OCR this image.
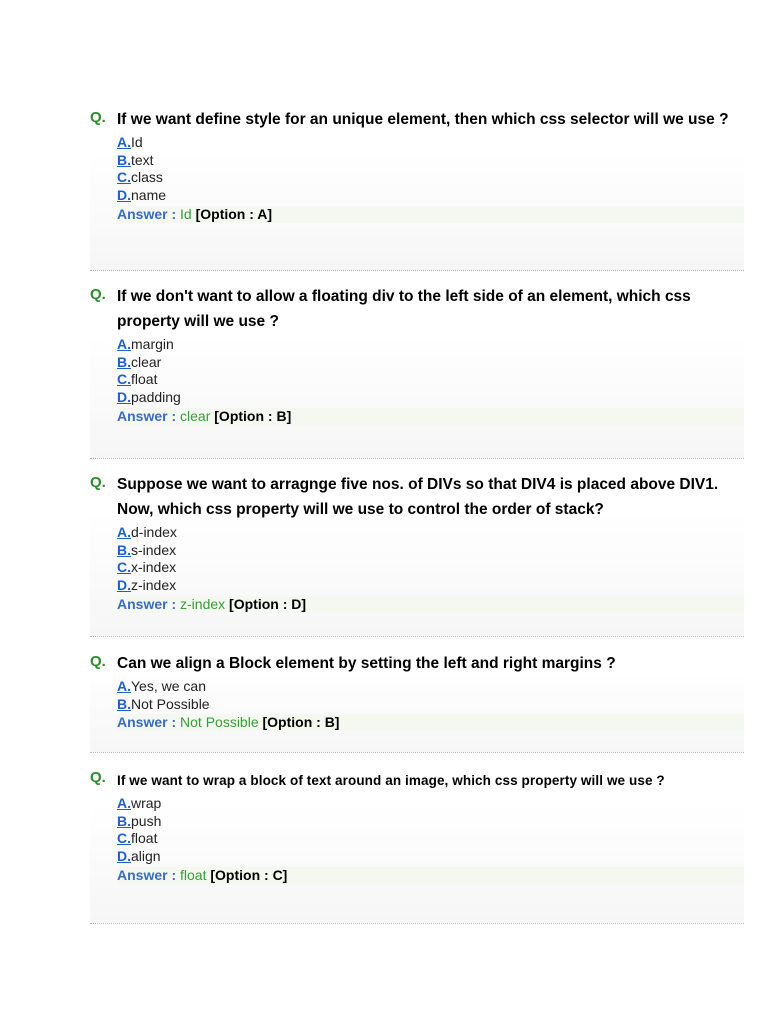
Q. If we want define style for an unique element, then which css selector will we use ?
A.Id
B.text
C.class
D.name
Answer : Id [Option : A]
Q. If we don't want to allow a floating div to the left side of an element, which css property will we use ?
A.margin
B.clear
C.float
D.padding
Answer : clear [Option : B]
Q. Suppose we want to arragnge five nos. of DIVs so that DIV4 is placed above DIV1. Now, which css property will we use to control the order of stack?
A.d-index
B.s-index
C.x-index
D.z-index
Answer : z-index [Option : D]
Q. Can we align a Block element by setting the left and right margins ?
A.Yes, we can
B.Not Possible
Answer : Not Possible [Option : B]
Q. If we want to wrap a block of text around an image, which css property will we use ?
A.wrap
B.push
C.float
D.align
Answer : float [Option : C]
